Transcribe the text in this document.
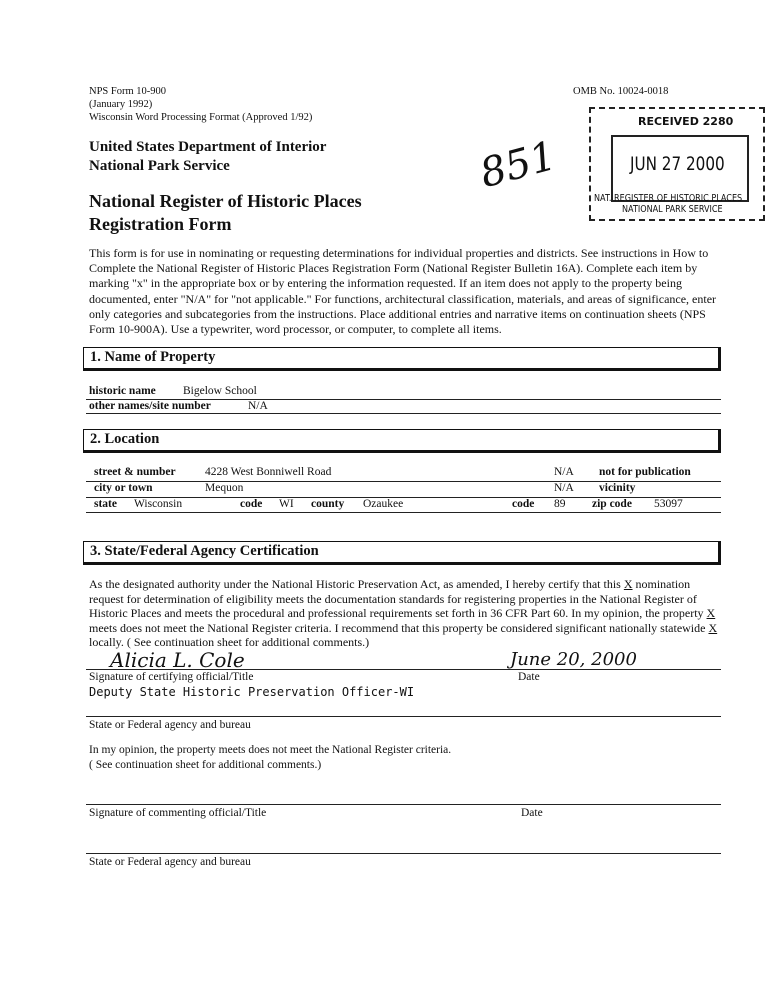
NPS Form 10-900
(January 1992)
Wisconsin Word Processing Format (Approved 1/92)
OMB No. 10024-0018
United States Department of Interior
National Park Service
National Register of Historic Places
Registration Form
851
RECEIVED 2280
JUN 27 2000
NAT. REGISTER OF HISTORIC PLACES
NATIONAL PARK SERVICE
This form is for use in nominating or requesting determinations for individual properties and districts. See instructions in How to Complete the National Register of Historic Places Registration Form (National Register Bulletin 16A). Complete each item by marking "x" in the appropriate box or by entering the information requested. If an item does not apply to the property being documented, enter "N/A" for "not applicable." For functions, architectural classification, materials, and areas of significance, enter only categories and subcategories from the instructions. Place additional entries and narrative items on continuation sheets (NPS Form 10-900A). Use a typewriter, word processor, or computer, to complete all items.
1. Name of Property
historic name Bigelow School
other names/site number	N/A
2. Location
street & number	4228 West Bonniwell Road	N/A not for publication
city or town	Mequon	N/A vicinity
state Wisconsin	code WI county Ozaukee	code 89 zip code 53097
3. State/Federal Agency Certification
As the designated authority under the National Historic Preservation Act, as amended, I hereby certify that this X nomination request for determination of eligibility meets the documentation standards for registering properties in the National Register of Historic Places and meets the procedural and professional requirements set forth in 36 CFR Part 60. In my opinion, the property X meets does not meet the National Register criteria. I recommend that this property be considered significant nationally statewide X locally. ( See continuation sheet for additional comments.)
Alicia L. Cole	June 20, 2000
Signature of certifying official/Title	Date
Deputy State Historic Preservation Officer-WI
State or Federal agency and bureau
In my opinion, the property meets does not meet the National Register criteria.
( See continuation sheet for additional comments.)
Signature of commenting official/Title	Date
State or Federal agency and bureau
